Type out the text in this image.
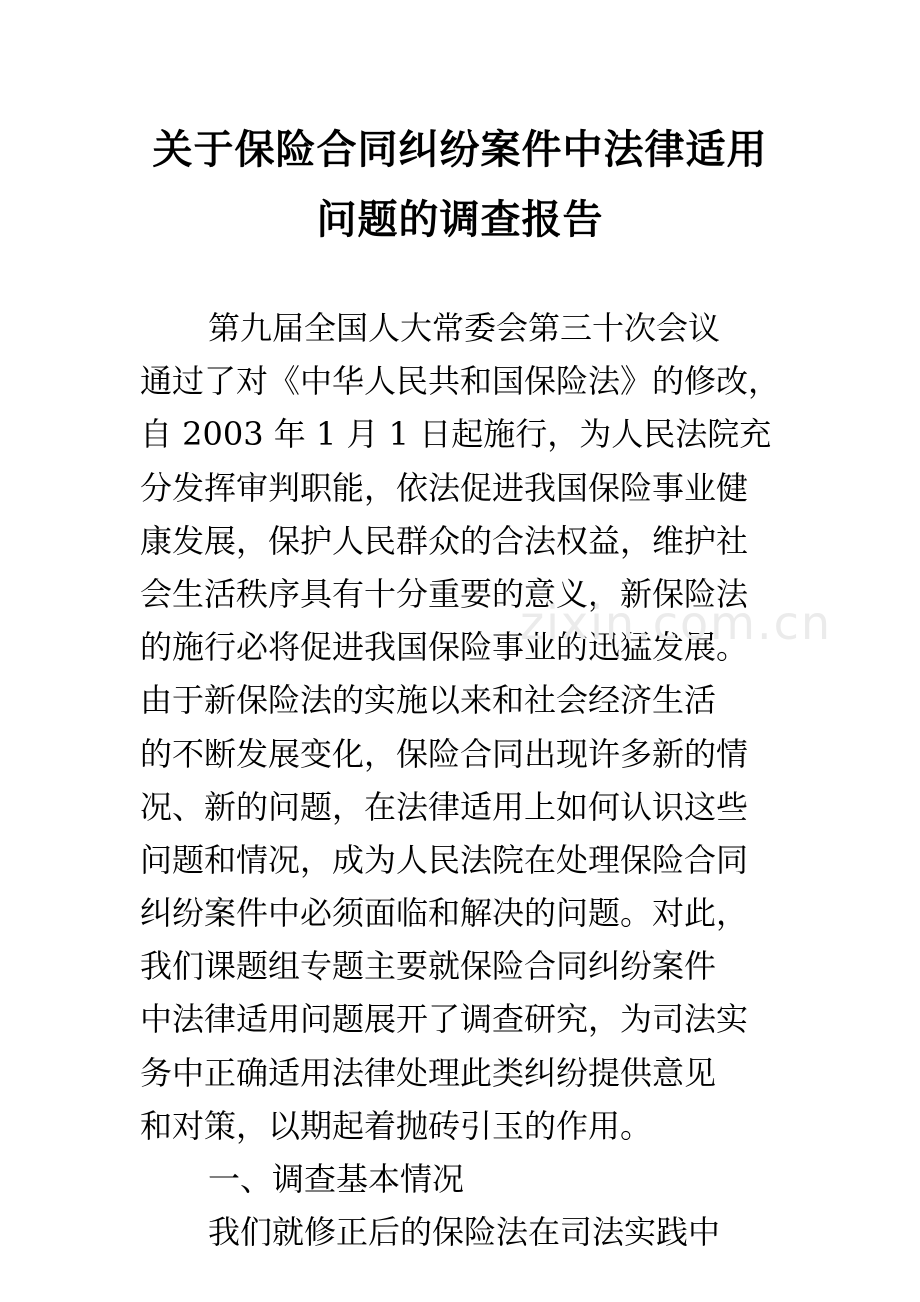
关于保险合同纠纷案件中法律适用
问题的调查报告
第九届全国人大常委会第三十次会议
通过了对《中华人民共和国保险法》的修改，
自 2003 年 1 月 1 日起施行，为人民法院充
分发挥审判职能，依法促进我国保险事业健
康发展，保护人民群众的合法权益，维护社
会生活秩序具有十分重要的意义，新保险法
的施行必将促进我国保险事业的迅猛发展。
由于新保险法的实施以来和社会经济生活
的不断发展变化，保险合同出现许多新的情
况、新的问题，在法律适用上如何认识这些
问题和情况，成为人民法院在处理保险合同
纠纷案件中必须面临和解决的问题。对此，
我们课题组专题主要就保险合同纠纷案件
中法律适用问题展开了调查研究，为司法实
务中正确适用法律处理此类纠纷提供意见
和对策，以期起着抛砖引玉的作用。
一、调查基本情况
我们就修正后的保险法在司法实践中
zixin.com.cn
